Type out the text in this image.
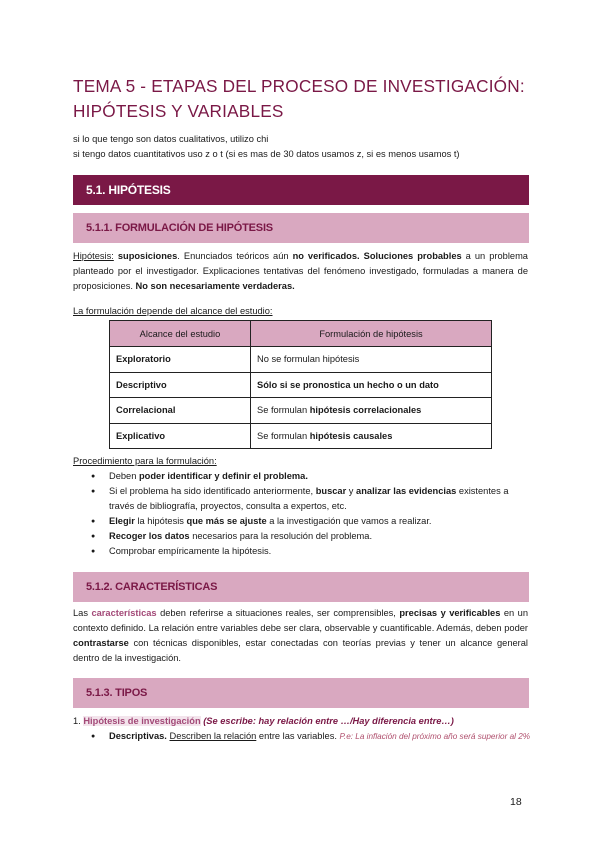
TEMA 5 - ETAPAS DEL PROCESO DE INVESTIGACIÓN:
HIPÓTESIS Y VARIABLES
si lo que tengo son datos cualitativos, utilizo chi
si tengo datos cuantitativos uso z o t (si es mas de 30 datos usamos z, si es menos usamos t)
5.1. HIPÓTESIS
5.1.1. FORMULACIÓN DE HIPÓTESIS
Hipótesis: suposiciones. Enunciados teóricos aún no verificados. Soluciones probables a un problema planteado por el investigador. Explicaciones tentativas del fenómeno investigado, formuladas a manera de proposiciones. No son necesariamente verdaderas.
La formulación depende del alcance del estudio:
Alcance del estudio	Formulación de hipótesis
Exploratorio	No se formulan hipótesis
Descriptivo	Sólo si se pronostica un hecho o un dato
Correlacional	Se formulan hipótesis correlacionales
Explicativo	Se formulan hipótesis causales
Procedimiento para la formulación:
● Deben poder identificar y definir el problema.
● Si el problema ha sido identificado anteriormente, buscar y analizar las evidencias existentes a través de bibliografía, proyectos, consulta a expertos, etc.
● Elegir la hipótesis que más se ajuste a la investigación que vamos a realizar.
● Recoger los datos necesarios para la resolución del problema.
● Comprobar empíricamente la hipótesis.
5.1.2. CARACTERÍSTICAS
Las características deben referirse a situaciones reales, ser comprensibles, precisas y verificables en un contexto definido. La relación entre variables debe ser clara, observable y cuantificable. Además, deben poder contrastarse con técnicas disponibles, estar conectadas con teorías previas y tener un alcance general dentro de la investigación.
5.1.3. TIPOS
1. Hipótesis de investigación (Se escribe: hay relación entre …/Hay diferencia entre…)
● Descriptivas. Describen la relación entre las variables. P.e: La inflación del próximo año será superior al 2%
18
